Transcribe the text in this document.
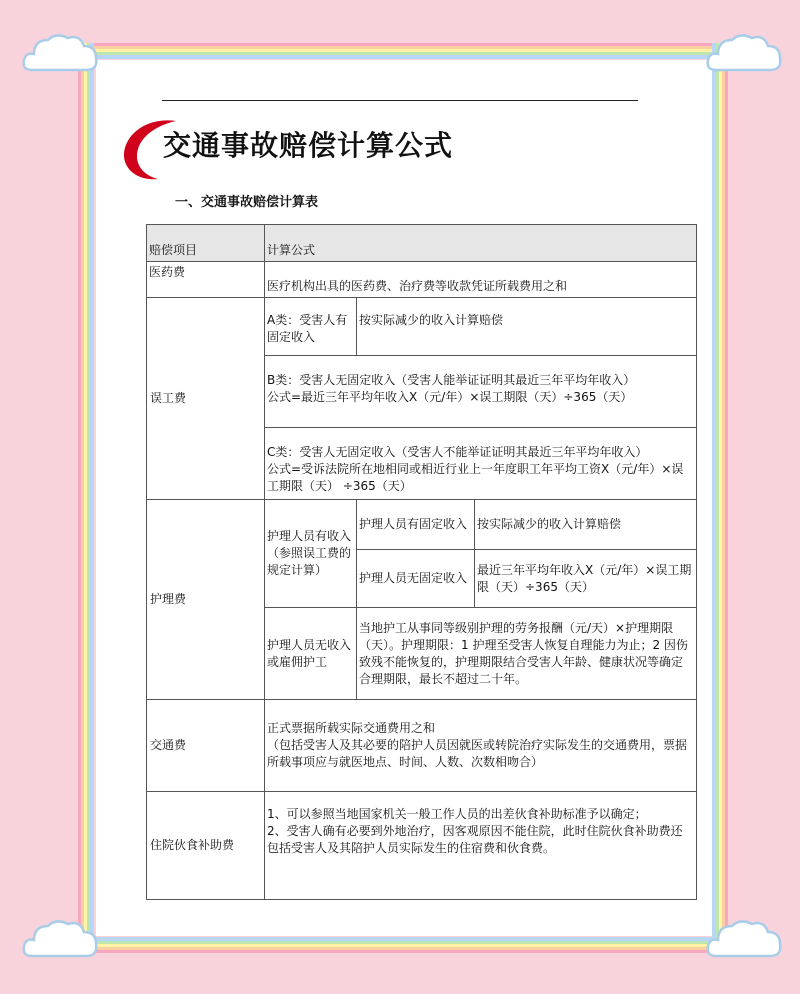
交通事故赔偿计算公式
一、交通事故赔偿计算表
赔偿项目	计算公式		
医药费	医疗机构出具的医药费、治疗费等收款凭证所载费用之和		
误工费	A类：受害人有固定收入	按实际减少的收入计算赔偿	

	B类：受害人无固定收入（受害人能举证证明其最近三年平均年收入）
公式=最近三年平均年收入X（元/年）×误工期限（天）÷365（天）		

	C类：受害人无固定收入（受害人不能举证证明其最近三年平均年收入）
公式=受诉法院所在地相同或相近行业上一年度职工年平均工资X（元/年）×误工期限（天） ÷365（天）		

护理费	护理人员有收入（参照误工费的规定计算）	护理人员有固定收入	按实际减少的收入计算赔偿
		护理人员无固定收入	最近三年平均年收入X（元/年）×误工期限（天）÷365（天）
	护理人员无收入或雇佣护工	当地护工从事同等级别护理的劳务报酬（元/天）×护理期限（天）。护理期限：1 护理至受害人恢复自理能力为止；2 因伤致残不能恢复的，护理期限结合受害人年龄、健康状况等确定合理期限，最长不超过二十年。	
交通费	正式票据所载实际交通费用之和
（包括受害人及其必要的陪护人员因就医或转院治疗实际发生的交通费用，票据所载事项应与就医地点、时间、人数、次数相吻合）		

住院伙食补助费	1、可以参照当地国家机关一般工作人员的出差伙食补助标准予以确定；
2、受害人确有必要到外地治疗，因客观原因不能住院，此时住院伙食补助费还包括受害人及其陪护人员实际发生的住宿费和伙食费。		
